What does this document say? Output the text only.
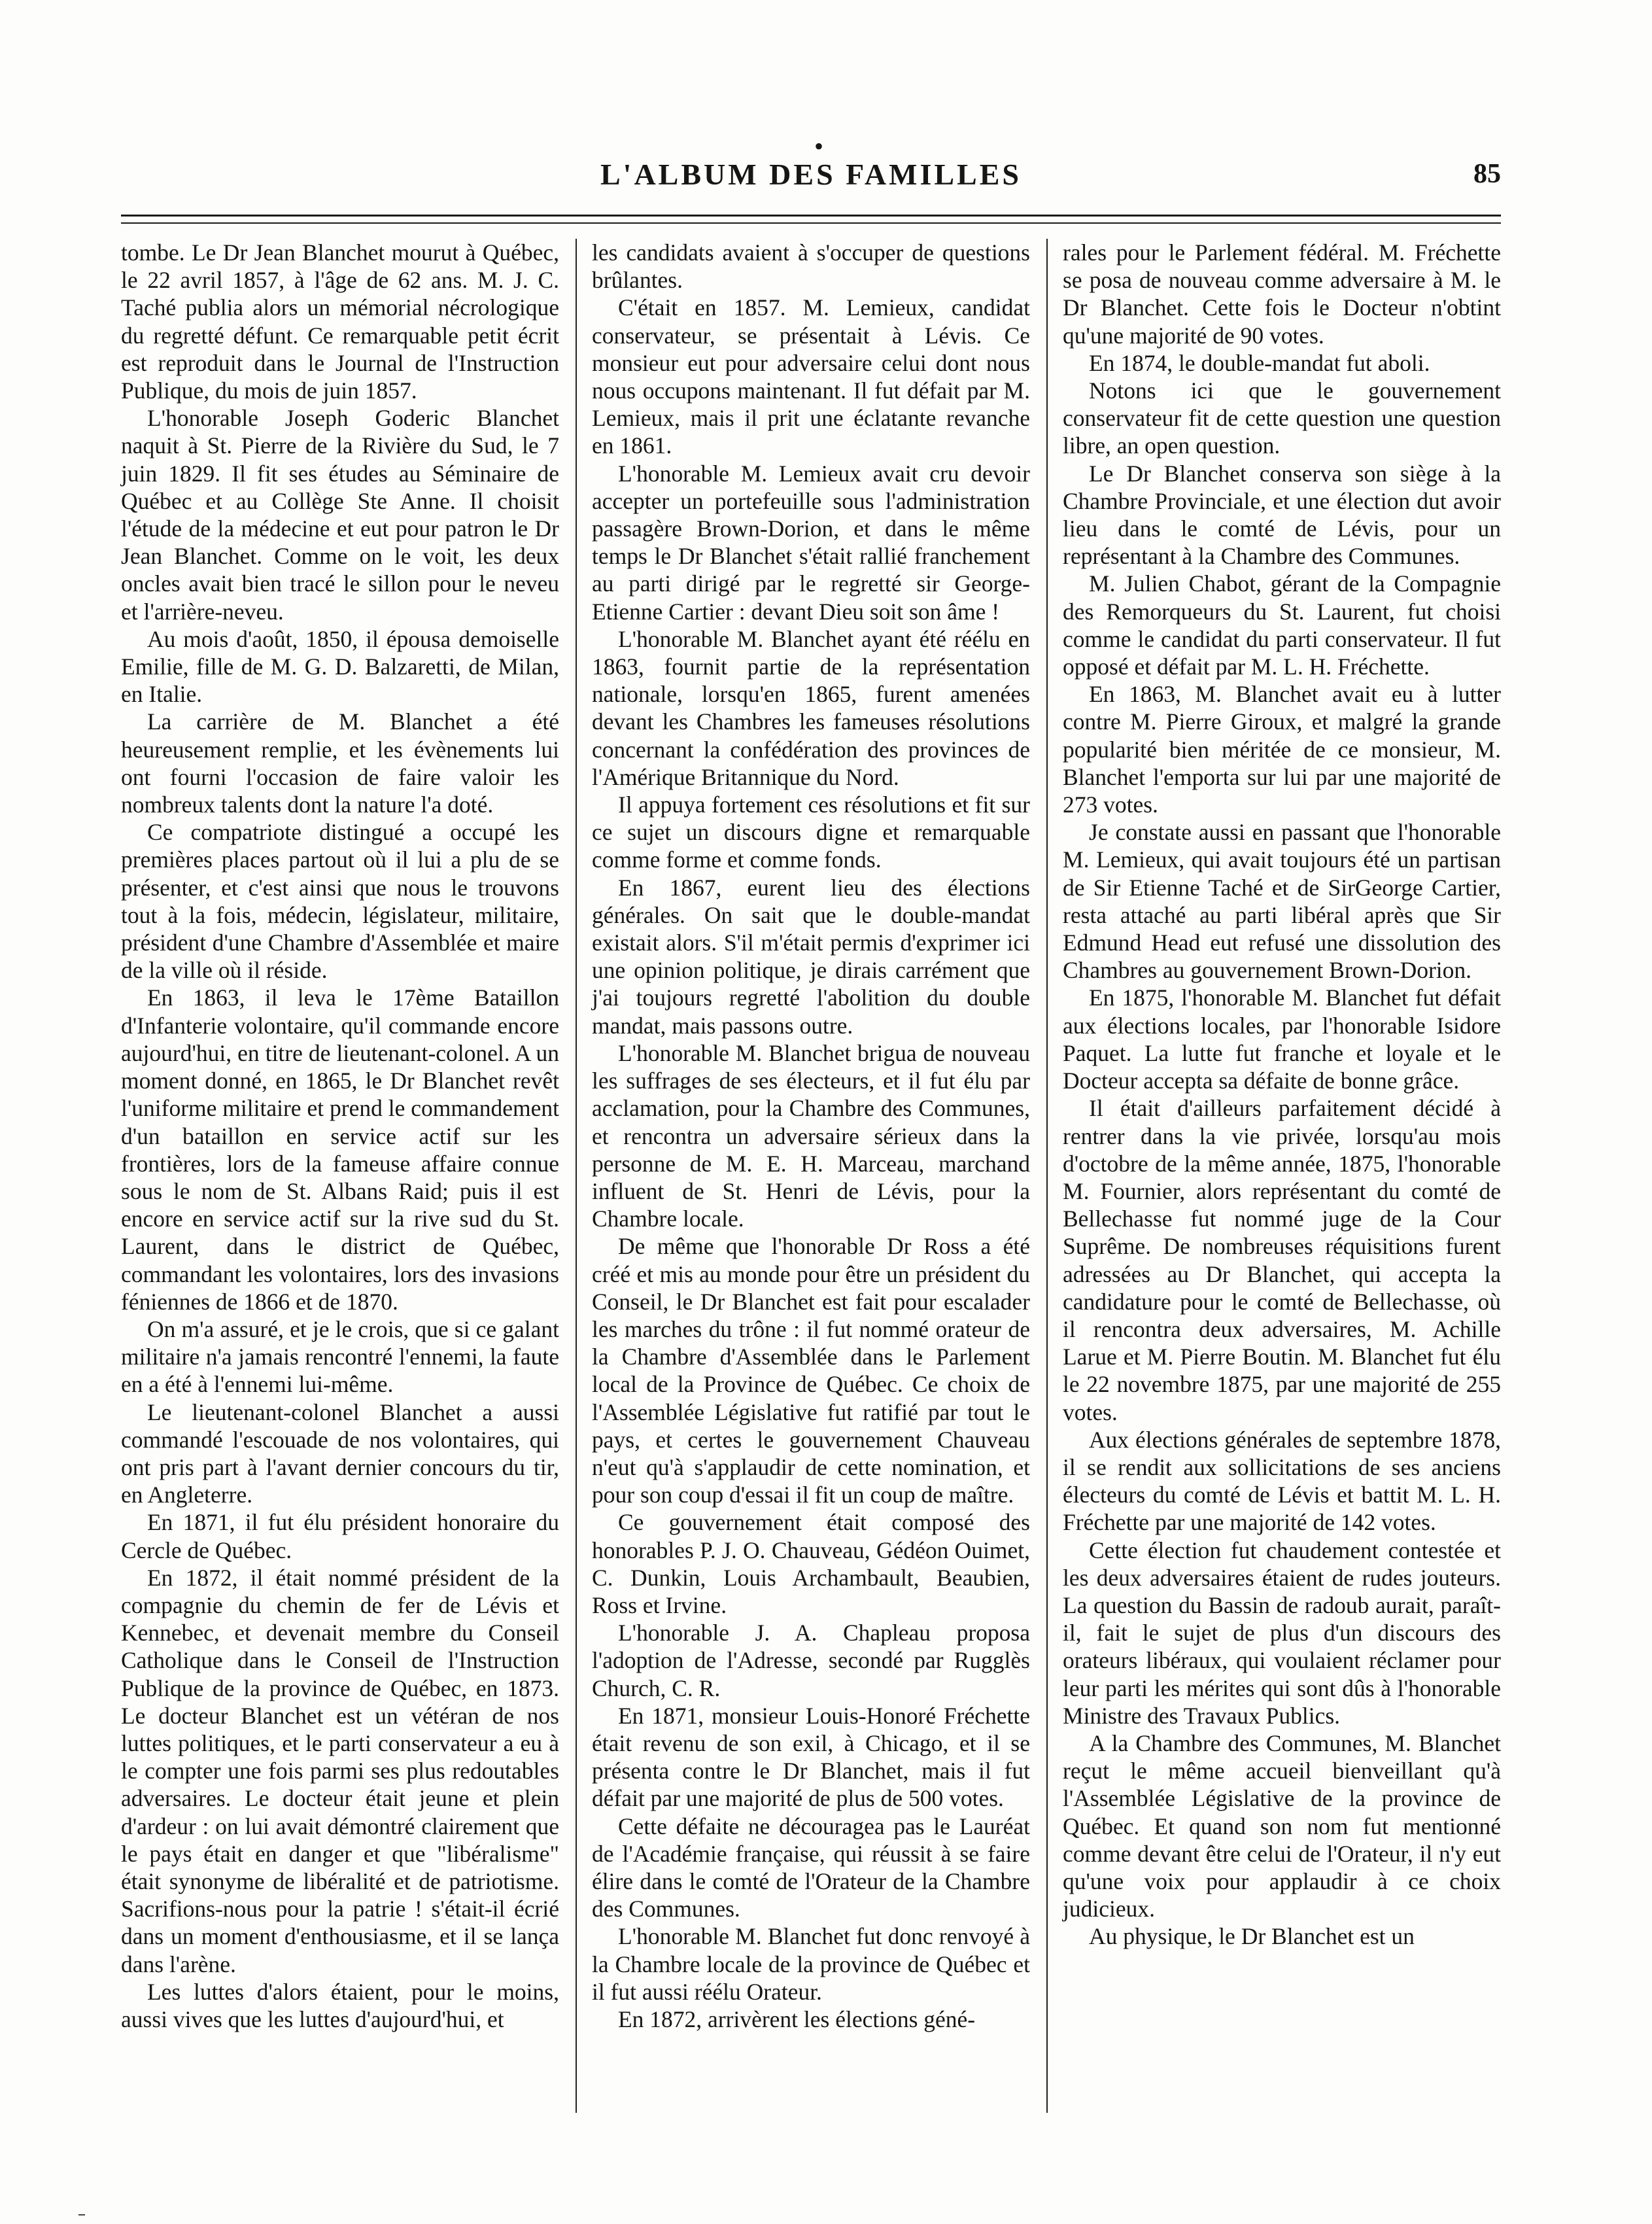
•
L'ALBUM DES FAMILLES	85

tombe. Le Dr Jean Blanchet mourut à Québec, le 22 avril 1857, à l'âge de 62 ans. M. J. C. Taché publia alors un mémorial nécrologique du regretté défunt. Ce remarquable petit écrit est reproduit dans le Journal de l'Instruction Publique, du mois de juin 1857.

L'honorable Joseph Goderic Blanchet naquit à St. Pierre de la Rivière du Sud, le 7 juin 1829. Il fit ses études au Séminaire de Québec et au Collège Ste Anne. Il choisit l'étude de la médecine et eut pour patron le Dr Jean Blanchet. Comme on le voit, les deux oncles avait bien tracé le sillon pour le neveu et l'arrière-neveu.

Au mois d'août, 1850, il épousa demoiselle Emilie, fille de M. G. D. Balzaretti, de Milan, en Italie.

La carrière de M. Blanchet a été heureusement remplie, et les évènements lui ont fourni l'occasion de faire valoir les nombreux talents dont la nature l'a doté.

Ce compatriote distingué a occupé les premières places partout où il lui a plu de se présenter, et c'est ainsi que nous le trouvons tout à la fois, médecin, législateur, militaire, président d'une Chambre d'Assemblée et maire de la ville où il réside.

En 1863, il leva le 17ème Bataillon d'Infanterie volontaire, qu'il commande encore aujourd'hui, en titre de lieutenant-colonel. A un moment donné, en 1865, le Dr Blanchet revêt l'uniforme militaire et prend le commandement d'un bataillon en service actif sur les frontières, lors de la fameuse affaire connue sous le nom de St. Albans Raid; puis il est encore en service actif sur la rive sud du St. Laurent, dans le district de Québec, commandant les volontaires, lors des invasions féniennes de 1866 et de 1870.

On m'a assuré, et je le crois, que si ce galant militaire n'a jamais rencontré l'ennemi, la faute en a été à l'ennemi lui-même.

Le lieutenant-colonel Blanchet a aussi commandé l'escouade de nos volontaires, qui ont pris part à l'avant dernier concours du tir, en Angleterre.

En 1871, il fut élu président honoraire du Cercle de Québec.

En 1872, il était nommé président de la compagnie du chemin de fer de Lévis et Kennebec, et devenait membre du Conseil Catholique dans le Conseil de l'Instruction Publique de la province de Québec, en 1873. Le docteur Blanchet est un vétéran de nos luttes politiques, et le parti conservateur a eu à le compter une fois parmi ses plus redoutables adversaires. Le docteur était jeune et plein d'ardeur : on lui avait démontré clairement que le pays était en danger et que "libéralisme" était synonyme de libéralité et de patriotisme. Sacrifions-nous pour la patrie ! s'était-il écrié dans un moment d'enthousiasme, et il se lança dans l'arène.

Les luttes d'alors étaient, pour le moins, aussi vives que les luttes d'aujourd'hui, et

les candidats avaient à s'occuper de questions brûlantes.

C'était en 1857. M. Lemieux, candidat conservateur, se présentait à Lévis. Ce monsieur eut pour adversaire celui dont nous nous occupons maintenant. Il fut défait par M. Lemieux, mais il prit une éclatante revanche en 1861.

L'honorable M. Lemieux avait cru devoir accepter un portefeuille sous l'administration passagère Brown-Dorion, et dans le même temps le Dr Blanchet s'était rallié franchement au parti dirigé par le regretté sir George-Etienne Cartier : devant Dieu soit son âme !

L'honorable M. Blanchet ayant été réélu en 1863, fournit partie de la représentation nationale, lorsqu'en 1865, furent amenées devant les Chambres les fameuses résolutions concernant la confédération des provinces de l'Amérique Britannique du Nord.

Il appuya fortement ces résolutions et fit sur ce sujet un discours digne et remarquable comme forme et comme fonds.

En 1867, eurent lieu des élections générales. On sait que le double-mandat existait alors. S'il m'était permis d'exprimer ici une opinion politique, je dirais carrément que j'ai toujours regretté l'abolition du double mandat, mais passons outre.

L'honorable M. Blanchet brigua de nouveau les suffrages de ses électeurs, et il fut élu par acclamation, pour la Chambre des Communes, et rencontra un adversaire sérieux dans la personne de M. E. H. Marceau, marchand influent de St. Henri de Lévis, pour la Chambre locale.

De même que l'honorable Dr Ross a été créé et mis au monde pour être un président du Conseil, le Dr Blanchet est fait pour escalader les marches du trône : il fut nommé orateur de la Chambre d'Assemblée dans le Parlement local de la Province de Québec. Ce choix de l'Assemblée Législative fut ratifié par tout le pays, et certes le gouvernement Chauveau n'eut qu'à s'applaudir de cette nomination, et pour son coup d'essai il fit un coup de maître.

Ce gouvernement était composé des honorables P. J. O. Chauveau, Gédéon Ouimet, C. Dunkin, Louis Archambault, Beaubien, Ross et Irvine.

L'honorable J. A. Chapleau proposa l'adoption de l'Adresse, secondé par Rugglès Church, C. R.

En 1871, monsieur Louis-Honoré Fréchette était revenu de son exil, à Chicago, et il se présenta contre le Dr Blanchet, mais il fut défait par une majorité de plus de 500 votes.

Cette défaite ne découragea pas le Lauréat de l'Académie française, qui réussit à se faire élire dans le comté de l'Orateur de la Chambre des Communes.

L'honorable M. Blanchet fut donc renvoyé à la Chambre locale de la province de Québec et il fut aussi réélu Orateur.

En 1872, arrivèrent les élections géné-

rales pour le Parlement fédéral. M. Fréchette se posa de nouveau comme adversaire à M. le Dr Blanchet. Cette fois le Docteur n'obtint qu'une majorité de 90 votes.

En 1874, le double-mandat fut aboli.

Notons ici que le gouvernement conservateur fit de cette question une question libre, an open question.

Le Dr Blanchet conserva son siège à la Chambre Provinciale, et une élection dut avoir lieu dans le comté de Lévis, pour un représentant à la Chambre des Communes.

M. Julien Chabot, gérant de la Compagnie des Remorqueurs du St. Laurent, fut choisi comme le candidat du parti conservateur. Il fut opposé et défait par M. L. H. Fréchette.

En 1863, M. Blanchet avait eu à lutter contre M. Pierre Giroux, et malgré la grande popularité bien méritée de ce monsieur, M. Blanchet l'emporta sur lui par une majorité de 273 votes.

Je constate aussi en passant que l'honorable M. Lemieux, qui avait toujours été un partisan de Sir Etienne Taché et de SirGeorge Cartier, resta attaché au parti libéral après que Sir Edmund Head eut refusé une dissolution des Chambres au gouvernement Brown-Dorion.

En 1875, l'honorable M. Blanchet fut défait aux élections locales, par l'honorable Isidore Paquet. La lutte fut franche et loyale et le Docteur accepta sa défaite de bonne grâce.

Il était d'ailleurs parfaitement décidé à rentrer dans la vie privée, lorsqu'au mois d'octobre de la même année, 1875, l'honorable M. Fournier, alors représentant du comté de Bellechasse fut nommé juge de la Cour Suprême. De nombreuses réquisitions furent adressées au Dr Blanchet, qui accepta la candidature pour le comté de Bellechasse, où il rencontra deux adversaires, M. Achille Larue et M. Pierre Boutin. M. Blanchet fut élu le 22 novembre 1875, par une majorité de 255 votes.

Aux élections générales de septembre 1878, il se rendit aux sollicitations de ses anciens électeurs du comté de Lévis et battit M. L. H. Fréchette par une majorité de 142 votes.

Cette élection fut chaudement contestée et les deux adversaires étaient de rudes jouteurs. La question du Bassin de radoub aurait, paraît-il, fait le sujet de plus d'un discours des orateurs libéraux, qui voulaient réclamer pour leur parti les mérites qui sont dûs à l'honorable Ministre des Travaux Publics.

A la Chambre des Communes, M. Blanchet reçut le même accueil bienveillant qu'à l'Assemblée Législative de la province de Québec. Et quand son nom fut mentionné comme devant être celui de l'Orateur, il n'y eut qu'une voix pour applaudir à ce choix judicieux.

Au physique, le Dr Blanchet est un
